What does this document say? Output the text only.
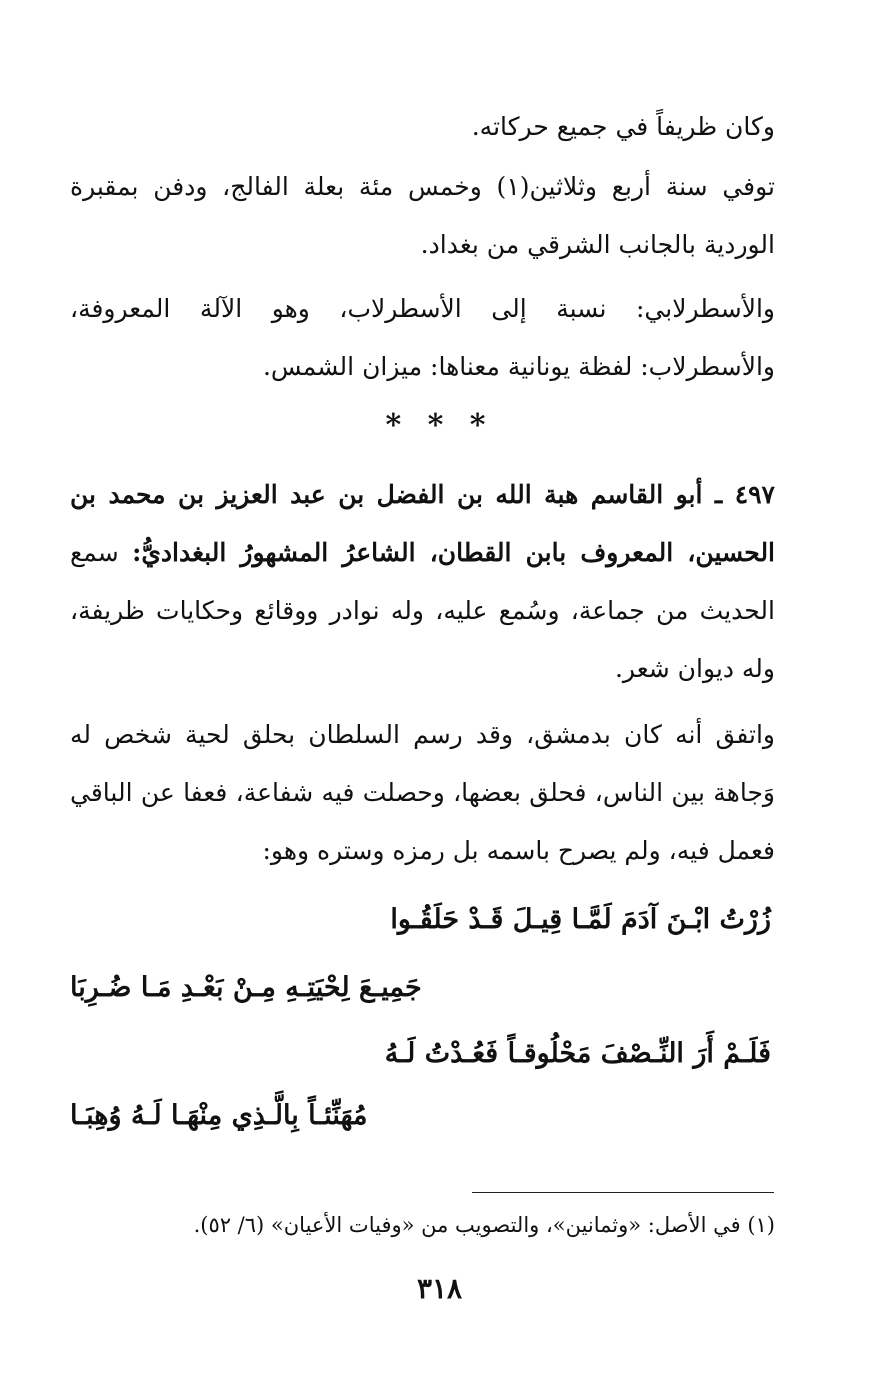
وكان ظريفاً في جميع حركاته.

توفي سنة أربع وثلاثين(١) وخمس مئة بعلة الفالج، ودفن بمقبرة الوردية بالجانب الشرقي من بغداد.

والأسطرلابي: نسبة إلى الأسطرلاب، وهو الآلة المعروفة، والأسطرلاب: لفظة يونانية معناها: ميزان الشمس.

* * *

٤٩٧ ـ أبو القاسم هبة الله بن الفضل بن عبد العزيز بن محمد بن الحسين، المعروف بابن القطان، الشاعرُ المشهورُ البغداديُّ: سمع الحديث من جماعة، وسُمع عليه، وله نوادر ووقائع وحكايات ظريفة، وله ديوان شعر.

واتفق أنه كان بدمشق، وقد رسم السلطان بحلق لحية شخص له وَجاهة بين الناس، فحلق بعضها، وحصلت فيه شفاعة، فعفا عن الباقي فعمل فيه، ولم يصرح باسمه بل رمزه وستره وهو:

زُرْتُ ابْـنَ آدَمَ لَمَّـا قِيـلَ قَـدْ حَلَقُـوا
جَمِيـعَ لِحْيَتِـهِ مِـنْ بَعْـدِ مَـا ضُـرِبَا
فَلَـمْ أَرَ النِّـصْفَ مَحْلُوقـاً فَعُـدْتُ لَـهُ
مُهَنِّئـاً بِالَّـذِي مِنْهَـا لَـهُ وُهِبَـا
(١) في الأصل: «وثمانين»، والتصويب من «وفيات الأعيان» (٦/ ٥٢).
٣١٨
